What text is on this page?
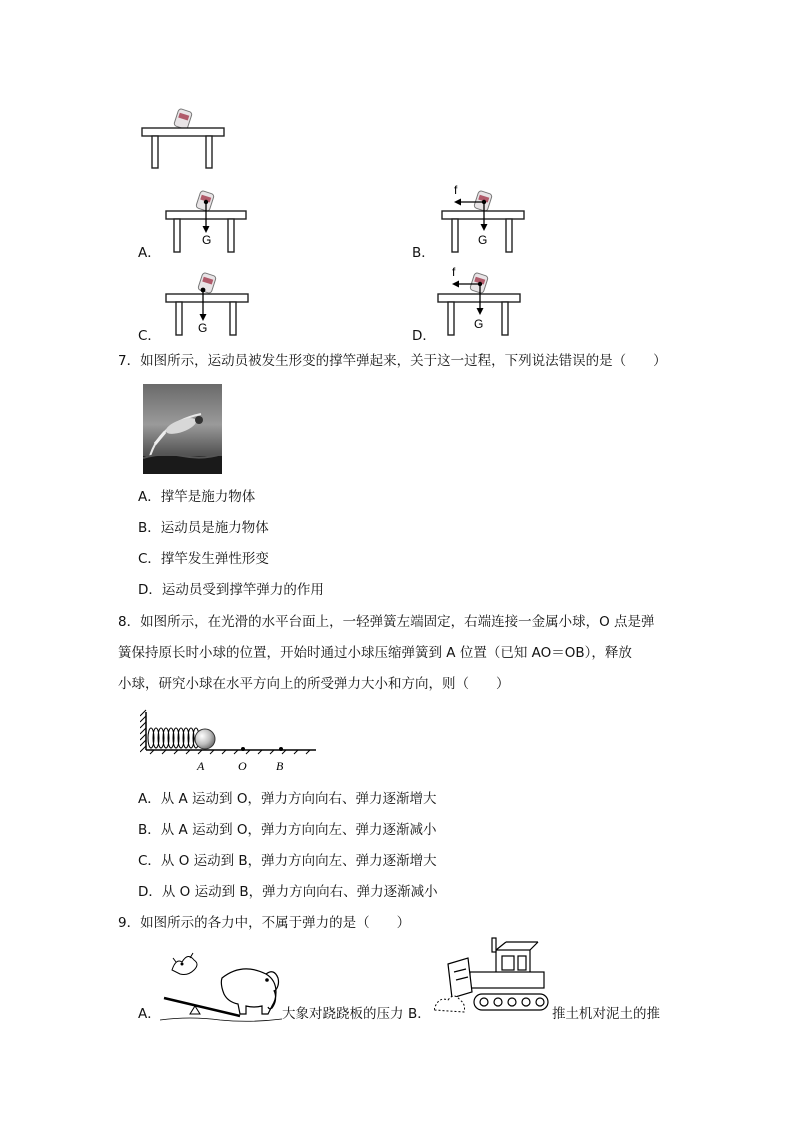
A．
G
B．
f
G
C．	G	D．
f
G
7．如图所示，运动员被发生形变的撑竿弹起来，关于这一过程，下列说法错误的是（　　）
A．撑竿是施力物体
B．运动员是施力物体
C．撑竿发生弹性形变
D．运动员受到撑竿弹力的作用
8．如图所示，在光滑的水平台面上，一轻弹簧左端固定，右端连接一金属小球，O 点是弹
簧保持原长时小球的位置，开始时通过小球压缩弹簧到 A 位置（已知 AO＝OB），释放
小球，研究小球在水平方向上的所受弹力大小和方向，则（　　）
A	O B
A．从 A 运动到 O，弹力方向向右、弹力逐渐增大
B．从 A 运动到 O，弹力方向向左、弹力逐渐减小
C．从 O 运动到 B，弹力方向向左、弹力逐渐增大
D．从 O 运动到 B，弹力方向向右、弹力逐渐减小
9．如图所示的各力中，不属于弹力的是（　　）
A．	大象对跷跷板的压力 B．	推土机对泥土的推
